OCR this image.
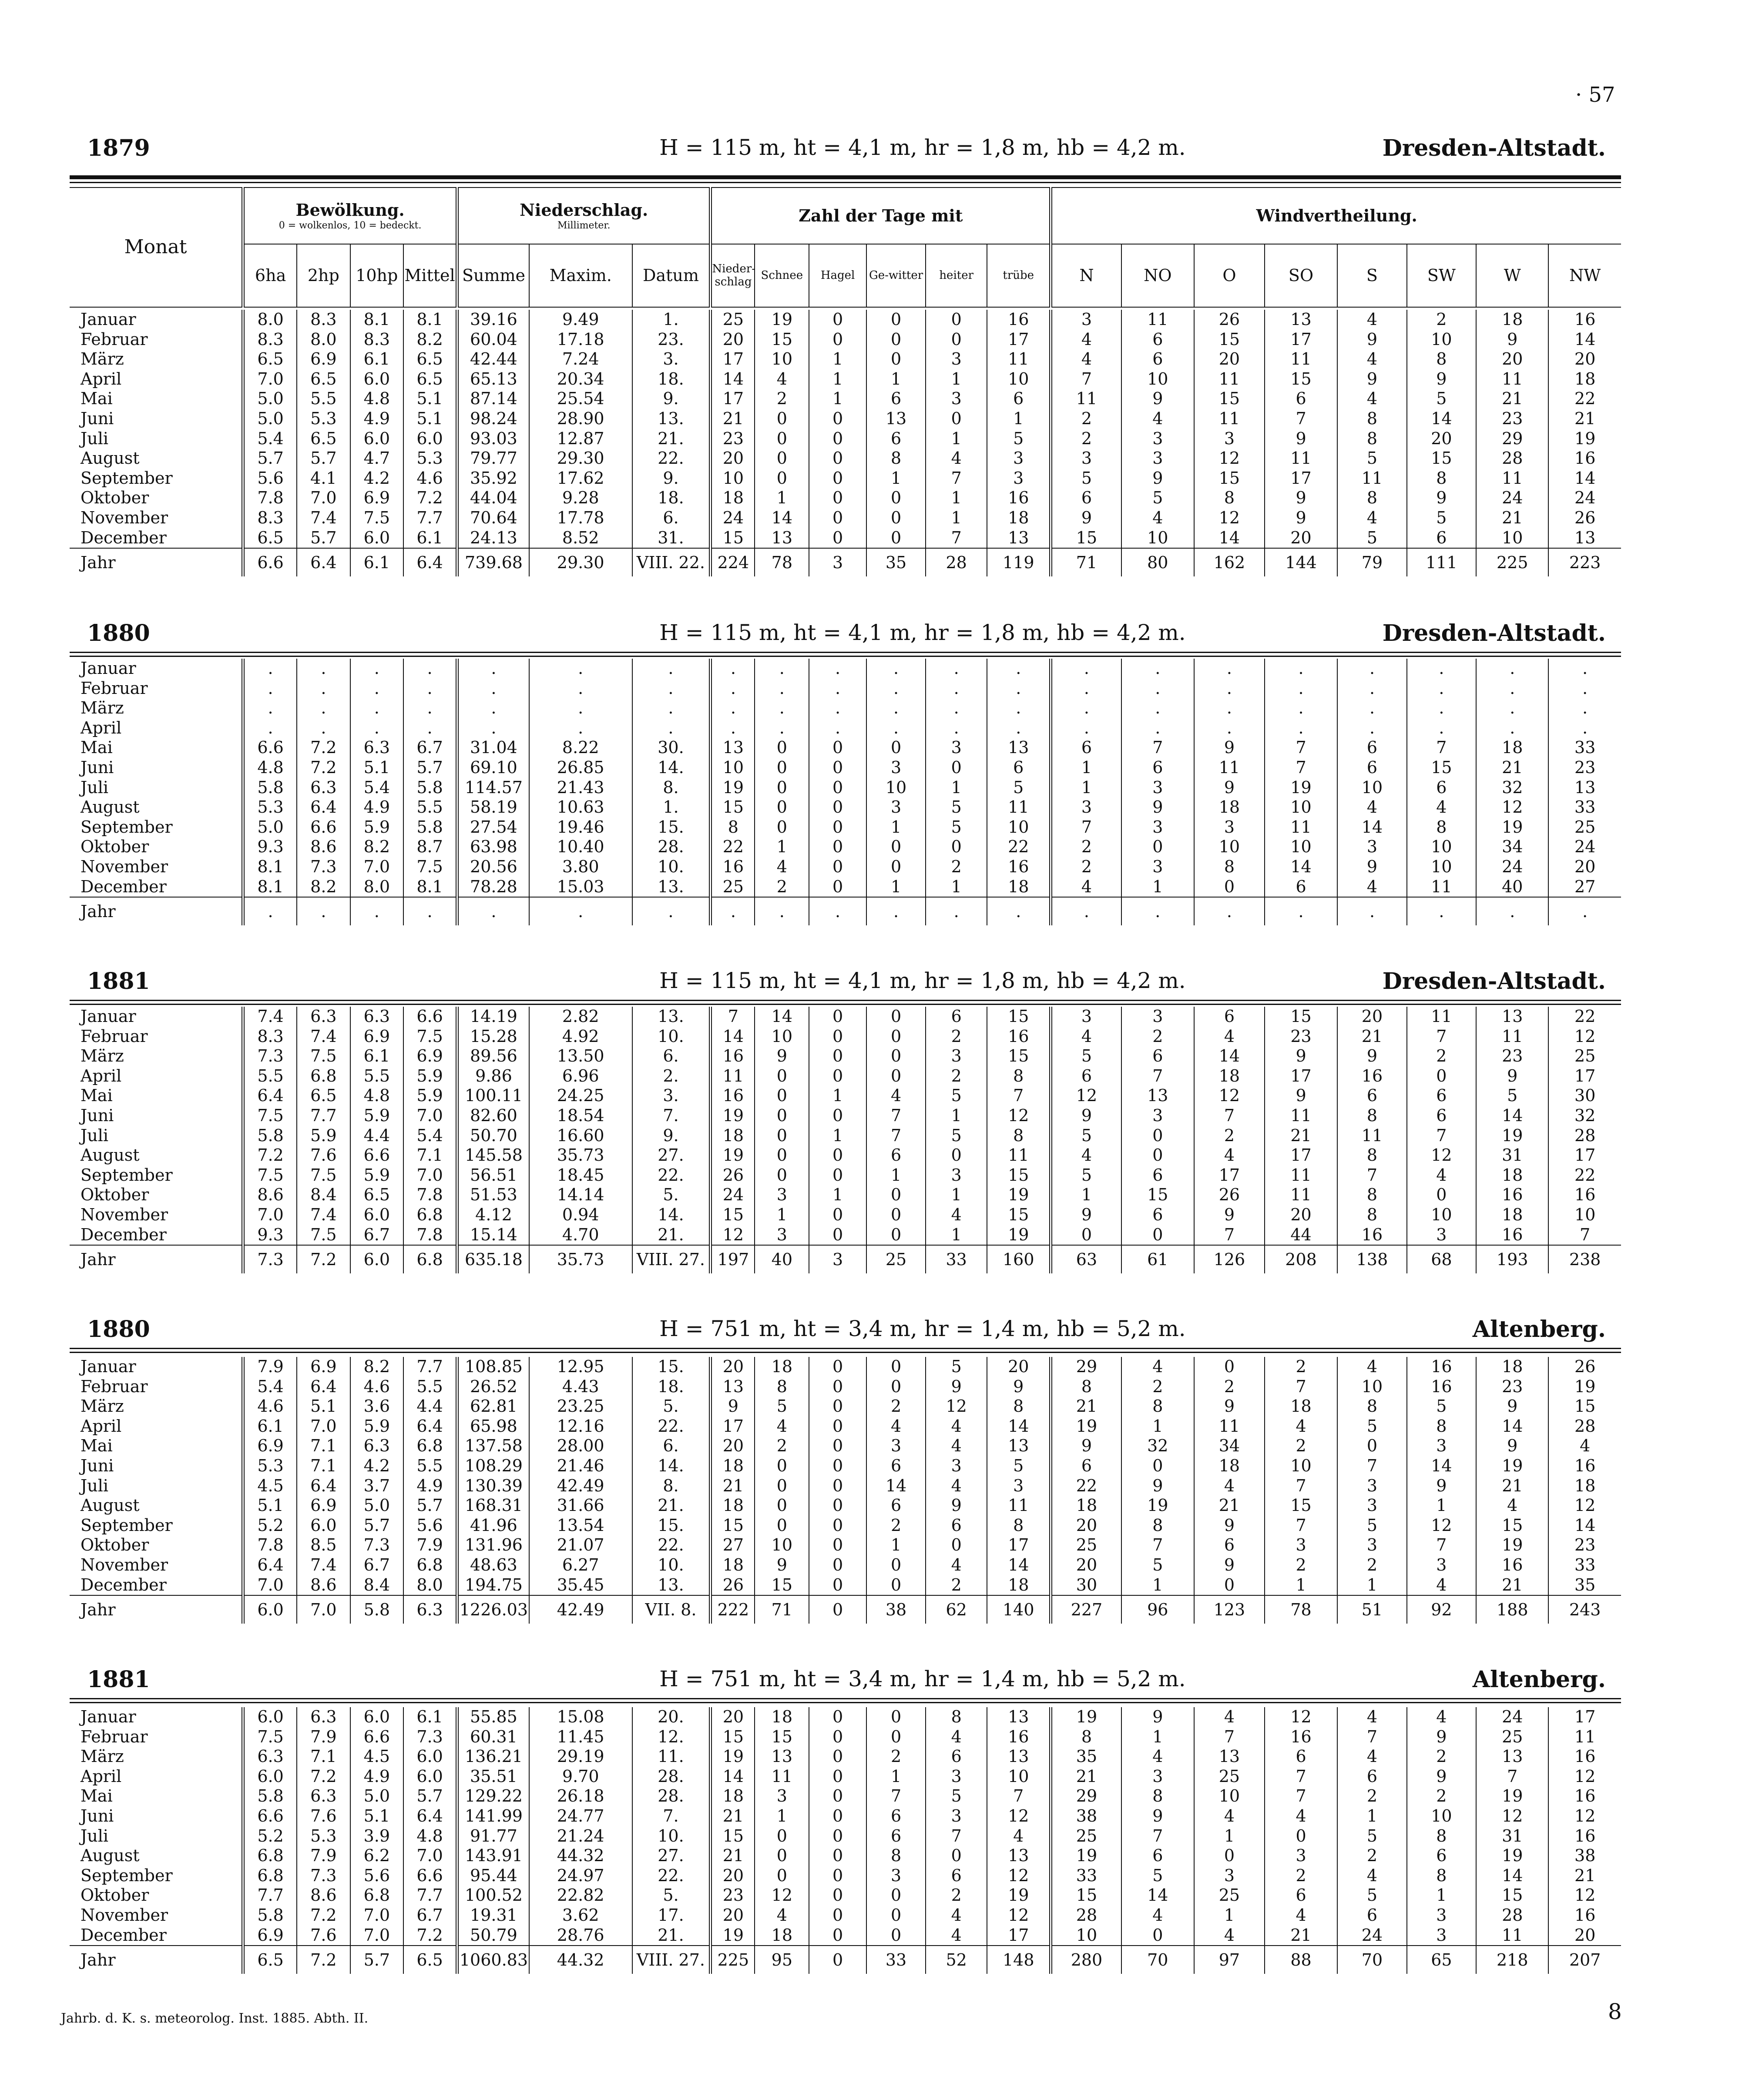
· 57
Monat	Bewölkung.
0 = wolkenlos, 10 = bedeckt.				Niederschlag.
Millimeter.			Zahl der Tage mit						Windvertheilung.							
	6ha	2hp	10hp	Mittel	Summe	Maxim.	Datum	Nieder-schlag	Schnee	Hagel	Ge-witter	heiter	trübe	N	NO	O	SO	S	SW	W	NW
1879	H = 115 m, ht = 4,1 m, hr = 1,8 m, hb = 4,2 m.	Dresden-Altstadt.
1880	H = 115 m, ht = 4,1 m, hr = 1,8 m, hb = 4,2 m.	Dresden-Altstadt.
1881	H = 115 m, ht = 4,1 m, hr = 1,8 m, hb = 4,2 m.	Dresden-Altstadt.
1880	H = 751 m, ht = 3,4 m, hr = 1,4 m, hb = 5,2 m.	Altenberg.
1881	H = 751 m, ht = 3,4 m, hr = 1,4 m, hb = 5,2 m.	Altenberg.
Januar	8.0	8.3	8.1	8.1	39.16	9.49	1.	25	19	0	0	0	16	3	11	26	13	4	2	18	16
Februar	8.3	8.0	8.3	8.2	60.04	17.18	23.	20	15	0	0	0	17	4	6	15	17	9	10	9	14
März	6.5	6.9	6.1	6.5	42.44	7.24	3.	17	10	1	0	3	11	4	6	20	11	4	8	20	20
April	7.0	6.5	6.0	6.5	65.13	20.34	18.	14	4	1	1	1	10	7	10	11	15	9	9	11	18
Mai	5.0	5.5	4.8	5.1	87.14	25.54	9.	17	2	1	6	3	6	11	9	15	6	4	5	21	22
Juni	5.0	5.3	4.9	5.1	98.24	28.90	13.	21	0	0	13	0	1	2	4	11	7	8	14	23	21
Juli	5.4	6.5	6.0	6.0	93.03	12.87	21.	23	0	0	6	1	5	2	3	3	9	8	20	29	19
August	5.7	5.7	4.7	5.3	79.77	29.30	22.	20	0	0	8	4	3	3	3	12	11	5	15	28	16
September	5.6	4.1	4.2	4.6	35.92	17.62	9.	10	0	0	1	7	3	5	9	15	17	11	8	11	14
Oktober	7.8	7.0	6.9	7.2	44.04	9.28	18.	18	1	0	0	1	16	6	5	8	9	8	9	24	24
November	8.3	7.4	7.5	7.7	70.64	17.78	6.	24	14	0	0	1	18	9	4	12	9	4	5	21	26
December	6.5	5.7	6.0	6.1	24.13	8.52	31.	15	13	0	0	7	13	15	10	14	20	5	6	10	13
Jahr	6.6	6.4	6.1	6.4	739.68	29.30	VIII. 22.	224	78	3	35	28	119	71	80	162	144	79	111	225	223
Januar	.	.	.	.	.	.	.	.	.	.	.	.	.	.	.	.	.	.	.	.	.
Februar	.	.	.	.	.	.	.	.	.	.	.	.	.	.	.	.	.	.	.	.	.
März	.	.	.	.	.	.	.	.	.	.	.	.	.	.	.	.	.	.	.	.	.
April	.	.	.	.	.	.	.	.	.	.	.	.	.	.	.	.	.	.	.	.	.
Mai	6.6	7.2	6.3	6.7	31.04	8.22	30.	13	0	0	0	3	13	6	7	9	7	6	7	18	33
Juni	4.8	7.2	5.1	5.7	69.10	26.85	14.	10	0	0	3	0	6	1	6	11	7	6	15	21	23
Juli	5.8	6.3	5.4	5.8	114.57	21.43	8.	19	0	0	10	1	5	1	3	9	19	10	6	32	13
August	5.3	6.4	4.9	5.5	58.19	10.63	1.	15	0	0	3	5	11	3	9	18	10	4	4	12	33
September	5.0	6.6	5.9	5.8	27.54	19.46	15.	8	0	0	1	5	10	7	3	3	11	14	8	19	25
Oktober	9.3	8.6	8.2	8.7	63.98	10.40	28.	22	1	0	0	0	22	2	0	10	10	3	10	34	24
November	8.1	7.3	7.0	7.5	20.56	3.80	10.	16	4	0	0	2	16	2	3	8	14	9	10	24	20
December	8.1	8.2	8.0	8.1	78.28	15.03	13.	25	2	0	1	1	18	4	1	0	6	4	11	40	27
Jahr	.	.	.	.	.	.	.	.	.	.	.	.	.	.	.	.	.	.	.	.	.
Januar	7.4	6.3	6.3	6.6	14.19	2.82	13.	7	14	0	0	6	15	3	3	6	15	20	11	13	22
Februar	8.3	7.4	6.9	7.5	15.28	4.92	10.	14	10	0	0	2	16	4	2	4	23	21	7	11	12
März	7.3	7.5	6.1	6.9	89.56	13.50	6.	16	9	0	0	3	15	5	6	14	9	9	2	23	25
April	5.5	6.8	5.5	5.9	9.86	6.96	2.	11	0	0	0	2	8	6	7	18	17	16	0	9	17
Mai	6.4	6.5	4.8	5.9	100.11	24.25	3.	16	0	1	4	5	7	12	13	12	9	6	6	5	30
Juni	7.5	7.7	5.9	7.0	82.60	18.54	7.	19	0	0	7	1	12	9	3	7	11	8	6	14	32
Juli	5.8	5.9	4.4	5.4	50.70	16.60	9.	18	0	1	7	5	8	5	0	2	21	11	7	19	28
August	7.2	7.6	6.6	7.1	145.58	35.73	27.	19	0	0	6	0	11	4	0	4	17	8	12	31	17
September	7.5	7.5	5.9	7.0	56.51	18.45	22.	26	0	0	1	3	15	5	6	17	11	7	4	18	22
Oktober	8.6	8.4	6.5	7.8	51.53	14.14	5.	24	3	1	0	1	19	1	15	26	11	8	0	16	16
November	7.0	7.4	6.0	6.8	4.12	0.94	14.	15	1	0	0	4	15	9	6	9	20	8	10	18	10
December	9.3	7.5	6.7	7.8	15.14	4.70	21.	12	3	0	0	1	19	0	0	7	44	16	3	16	7
Jahr	7.3	7.2	6.0	6.8	635.18	35.73	VIII. 27.	197	40	3	25	33	160	63	61	126	208	138	68	193	238
Januar	7.9	6.9	8.2	7.7	108.85	12.95	15.	20	18	0	0	5	20	29	4	0	2	4	16	18	26
Februar	5.4	6.4	4.6	5.5	26.52	4.43	18.	13	8	0	0	9	9	8	2	2	7	10	16	23	19
März	4.6	5.1	3.6	4.4	62.81	23.25	5.	9	5	0	2	12	8	21	8	9	18	8	5	9	15
April	6.1	7.0	5.9	6.4	65.98	12.16	22.	17	4	0	4	4	14	19	1	11	4	5	8	14	28
Mai	6.9	7.1	6.3	6.8	137.58	28.00	6.	20	2	0	3	4	13	9	32	34	2	0	3	9	4
Juni	5.3	7.1	4.2	5.5	108.29	21.46	14.	18	0	0	6	3	5	6	0	18	10	7	14	19	16
Juli	4.5	6.4	3.7	4.9	130.39	42.49	8.	21	0	0	14	4	3	22	9	4	7	3	9	21	18
August	5.1	6.9	5.0	5.7	168.31	31.66	21.	18	0	0	6	9	11	18	19	21	15	3	1	4	12
September	5.2	6.0	5.7	5.6	41.96	13.54	15.	15	0	0	2	6	8	20	8	9	7	5	12	15	14
Oktober	7.8	8.5	7.3	7.9	131.96	21.07	22.	27	10	0	1	0	17	25	7	6	3	3	7	19	23
November	6.4	7.4	6.7	6.8	48.63	6.27	10.	18	9	0	0	4	14	20	5	9	2	2	3	16	33
December	7.0	8.6	8.4	8.0	194.75	35.45	13.	26	15	0	0	2	18	30	1	0	1	1	4	21	35
Jahr	6.0	7.0	5.8	6.3	1226.03	42.49	VII. 8.	222	71	0	38	62	140	227	96	123	78	51	92	188	243
Januar	6.0	6.3	6.0	6.1	55.85	15.08	20.	20	18	0	0	8	13	19	9	4	12	4	4	24	17
Februar	7.5	7.9	6.6	7.3	60.31	11.45	12.	15	15	0	0	4	16	8	1	7	16	7	9	25	11
März	6.3	7.1	4.5	6.0	136.21	29.19	11.	19	13	0	2	6	13	35	4	13	6	4	2	13	16
April	6.0	7.2	4.9	6.0	35.51	9.70	28.	14	11	0	1	3	10	21	3	25	7	6	9	7	12
Mai	5.8	6.3	5.0	5.7	129.22	26.18	28.	18	3	0	7	5	7	29	8	10	7	2	2	19	16
Juni	6.6	7.6	5.1	6.4	141.99	24.77	7.	21	1	0	6	3	12	38	9	4	4	1	10	12	12
Juli	5.2	5.3	3.9	4.8	91.77	21.24	10.	15	0	0	6	7	4	25	7	1	0	5	8	31	16
August	6.8	7.9	6.2	7.0	143.91	44.32	27.	21	0	0	8	0	13	19	6	0	3	2	6	19	38
September	6.8	7.3	5.6	6.6	95.44	24.97	22.	20	0	0	3	6	12	33	5	3	2	4	8	14	21
Oktober	7.7	8.6	6.8	7.7	100.52	22.82	5.	23	12	0	0	2	19	15	14	25	6	5	1	15	12
November	5.8	7.2	7.0	6.7	19.31	3.62	17.	20	4	0	0	4	12	28	4	1	4	6	3	28	16
December	6.9	7.6	7.0	7.2	50.79	28.76	21.	19	18	0	0	4	17	10	0	4	21	24	3	11	20
Jahr	6.5	7.2	5.7	6.5	1060.83	44.32	VIII. 27.	225	95	0	33	52	148	280	70	97	88	70	65	218	207
Jahrb. d. K. s. meteorolog. Inst. 1885. Abth. II.	8
